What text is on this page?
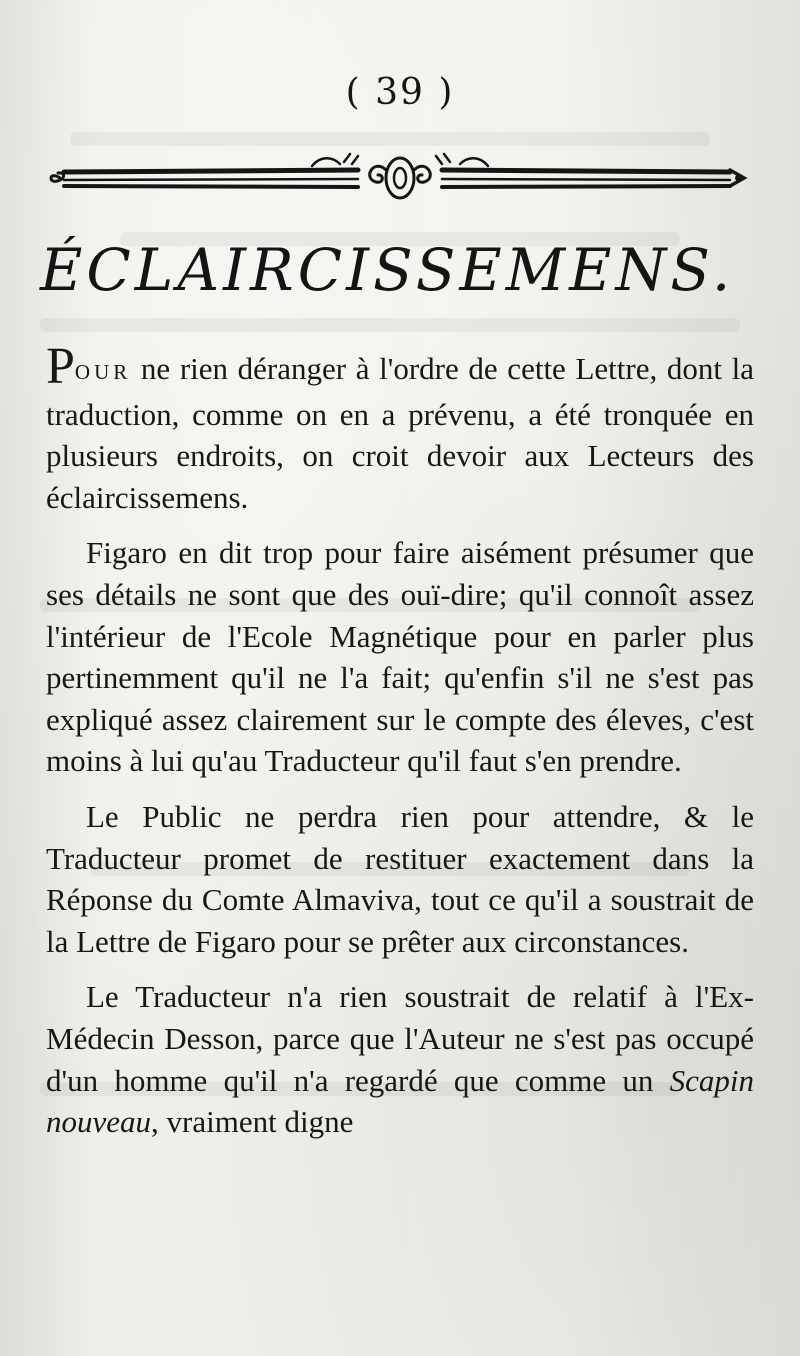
( 39 )
ÉCLAIRCISSEMENS.

POUR ne rien déranger à l'ordre de cette Lettre, dont la traduction, comme on en a prévenu, a été tronquée en plusieurs endroits, on croit devoir aux Lecteurs des éclaircissemens.

Figaro en dit trop pour faire aisément présumer que ses détails ne sont que des ouï-dire; qu'il connoît assez l'intérieur de l'Ecole Magnétique pour en parler plus pertinemment qu'il ne l'a fait; qu'enfin s'il ne s'est pas expliqué assez clairement sur le compte des éleves, c'est moins à lui qu'au Traducteur qu'il faut s'en prendre.

Le Public ne perdra rien pour attendre, & le Traducteur promet de restituer exactement dans la Réponse du Comte Almaviva, tout ce qu'il a soustrait de la Lettre de Figaro pour se prêter aux circonstances.

Le Traducteur n'a rien soustrait de relatif à l'Ex-Médecin Desson, parce que l'Auteur ne s'est pas occupé d'un homme qu'il n'a regardé que comme un Scapin nouveau, vraiment digne
